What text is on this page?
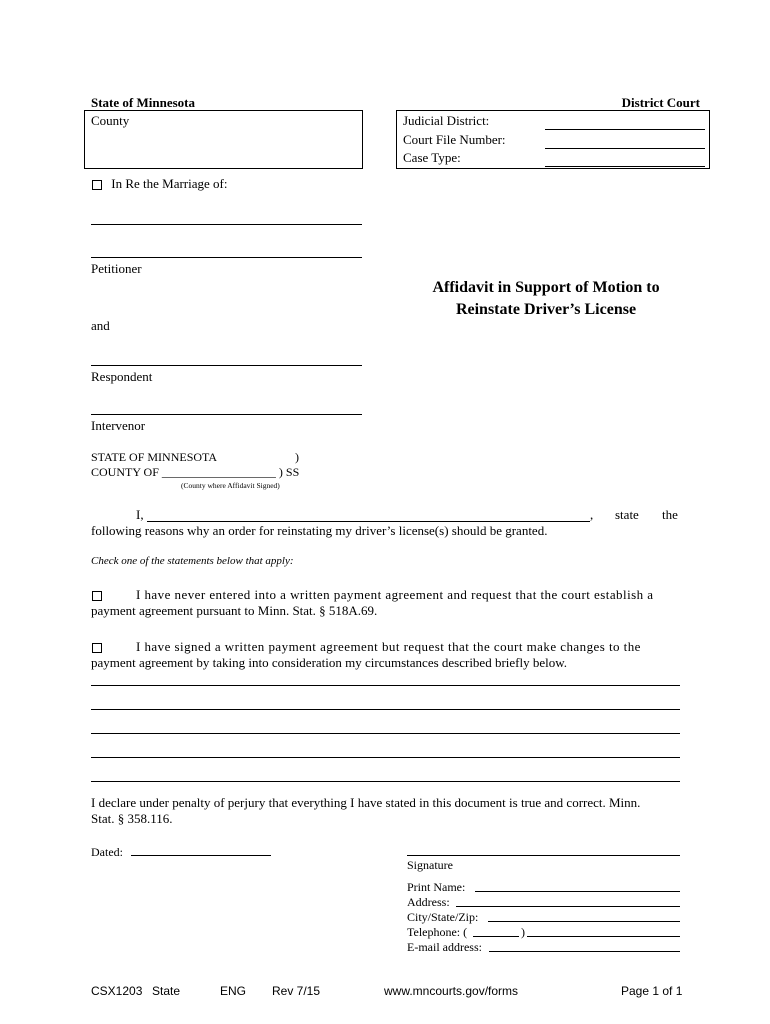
State of Minnesota	District Court
County	Judicial District:
Court File Number:
Case Type:
In Re the Marriage of:
Petitioner
and
Respondent
Intervenor
Affidavit in Support of Motion to
Reinstate Driver’s License
STATE OF MINNESOTA	)
COUNTY OF ___________________ ) SS
(County where Affidavit Signed)
I,	, state the
following reasons why an order for reinstating my driver’s license(s) should be granted.
Check one of the statements below that apply:
I have never entered into a written payment agreement and request that the court establish a
payment agreement pursuant to Minn. Stat. § 518A.69.
I have signed a written payment agreement but request that the court make changes to the
payment agreement by taking into consideration my circumstances described briefly below.
I declare under penalty of perjury that everything I have stated in this document is true and correct. Minn.
Stat. § 358.116.
Dated:
Signature
Print Name:
Address:
City/State/Zip:
Telephone: (	)
E-mail address:
CSX1203 State	ENG Rev 7/15	www.mncourts.gov/forms	Page 1 of 1
